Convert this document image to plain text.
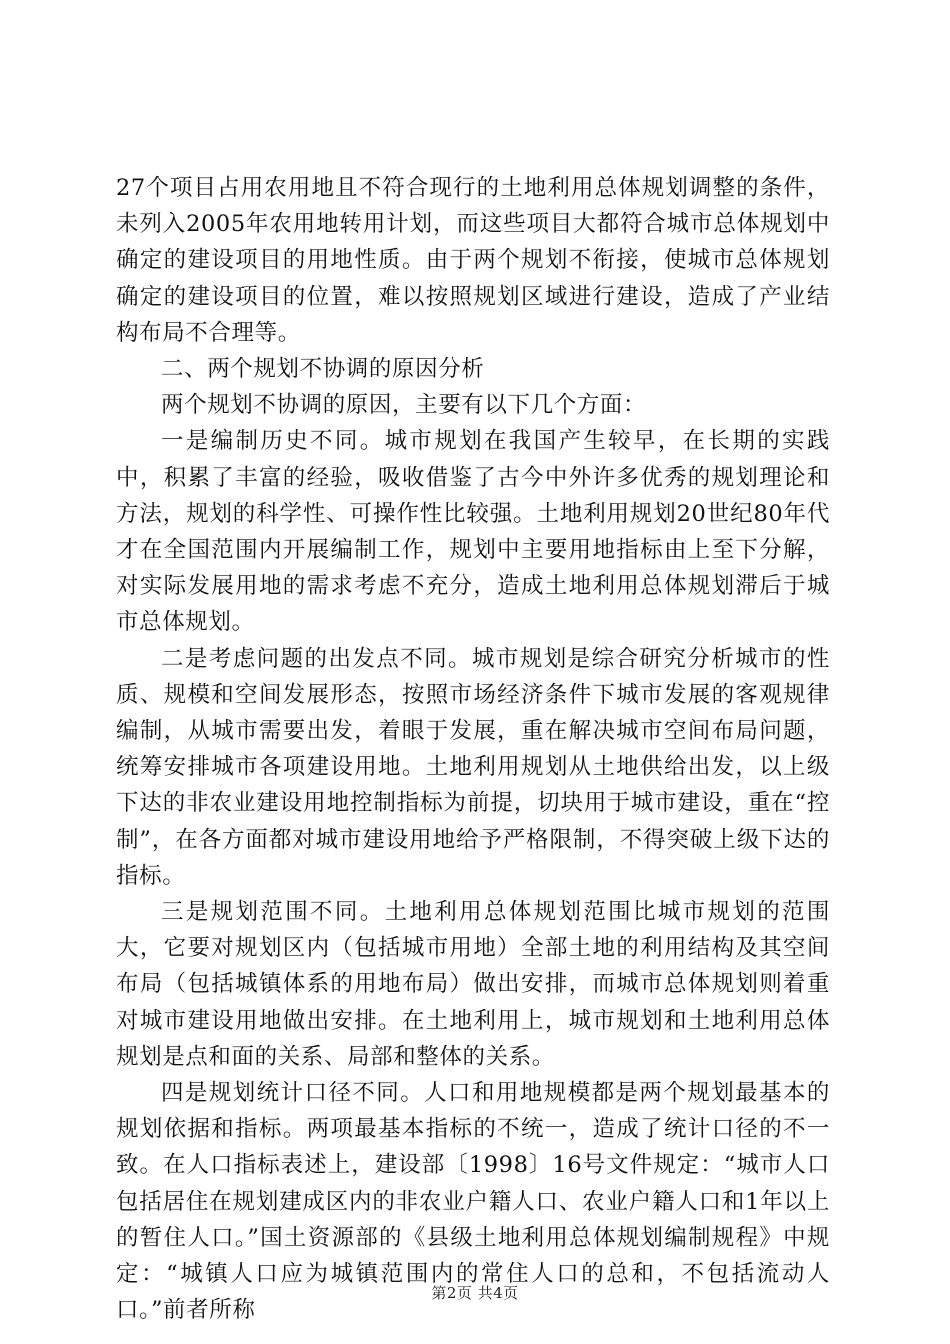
27个项目占用农用地且不符合现行的土地利用总体规划调整的条件，未列入2005年农用地转用计划，而这些项目大都符合城市总体规划中确定的建设项目的用地性质。由于两个规划不衔接，使城市总体规划确定的建设项目的位置，难以按照规划区域进行建设，造成了产业结构布局不合理等。

二、两个规划不协调的原因分析

两个规划不协调的原因，主要有以下几个方面：

一是编制历史不同。城市规划在我国产生较早，在长期的实践中，积累了丰富的经验，吸收借鉴了古今中外许多优秀的规划理论和方法，规划的科学性、可操作性比较强。土地利用规划20世纪80年代才在全国范围内开展编制工作，规划中主要用地指标由上至下分解，对实际发展用地的需求考虑不充分，造成土地利用总体规划滞后于城市总体规划。

二是考虑问题的出发点不同。城市规划是综合研究分析城市的性质、规模和空间发展形态，按照市场经济条件下城市发展的客观规律编制，从城市需要出发，着眼于发展，重在解决城市空间布局问题，统筹安排城市各项建设用地。土地利用规划从土地供给出发，以上级下达的非农业建设用地控制指标为前提，切块用于城市建设，重在“控制”，在各方面都对城市建设用地给予严格限制，不得突破上级下达的指标。

三是规划范围不同。土地利用总体规划范围比城市规划的范围大，它要对规划区内（包括城市用地）全部土地的利用结构及其空间布局（包括城镇体系的用地布局）做出安排，而城市总体规划则着重对城市建设用地做出安排。在土地利用上，城市规划和土地利用总体规划是点和面的关系、局部和整体的关系。

四是规划统计口径不同。人口和用地规模都是两个规划最基本的规划依据和指标。两项最基本指标的不统一，造成了统计口径的不一致。在人口指标表述上，建设部〔1998〕16号文件规定：“城市人口包括居住在规划建成区内的非农业户籍人口、农业户籍人口和1年以上的暂住人口。”国土资源部的《县级土地利用总体规划编制规程》中规定：“城镇人口应为城镇范围内的常住人口的总和，不包括流动人口。”前者所称

第2页 共4页
